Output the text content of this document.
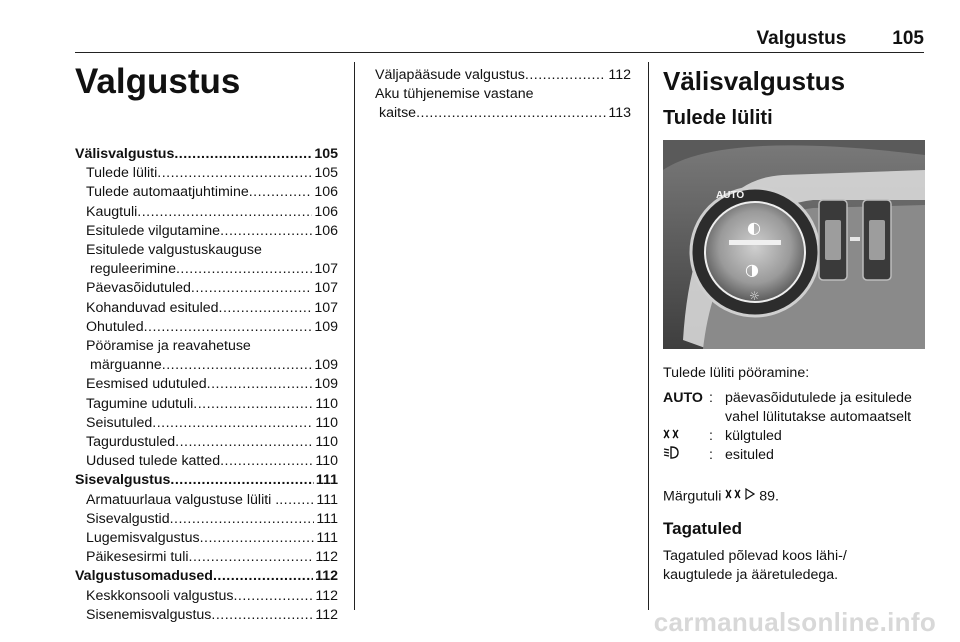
Valgustus 105
Valgustus
Välisvalgustus .....	105
Tulede lüliti .....	105
Tulede automaatjuhtimine .....	106
Kaugtuli .....	106
Esitulede vilgutamine .....	106
Esitulede valgustuskauguse
reguleerimine .....	107
Päevasõidutuled .....	107
Kohanduvad esituled .....	107
Ohutuled .....	109
Pööramise ja reavahetuse
märguanne .....	109
Eesmised udutuled .....	109
Tagumine udutuli .....	110
Seisutuled .....	110
Tagurdustuled .....	110
Udused tulede katted .....	110
Sisevalgustus .....	111
Armatuurlaua valgustuse lüliti . .....	111
Sisevalgustid .....	111
Lugemisvalgustus .....	111
Päikesesirmi tuli .....	112
Valgustusomadused .....	112
Keskkonsooli valgustus .....	112
Sisenemisvalgustus .....	112
Väljapääsude valgustus .....	112
Aku tühjenemise vastane
kaitse .....	113
Välisvalgustus
Tulede lüliti
AUTO
◐
◑
☼
Tulede lüliti pööramine:
AUTO : päevasõidutulede ja esitulede vahel lülitutakse automaatselt
: külgtuled
: esituled
Märgutuli	89.
Tagatuled
Tagatuled põlevad koos lähi-/ kaugtulede ja ääretuledega.
carmanualsonline.info
